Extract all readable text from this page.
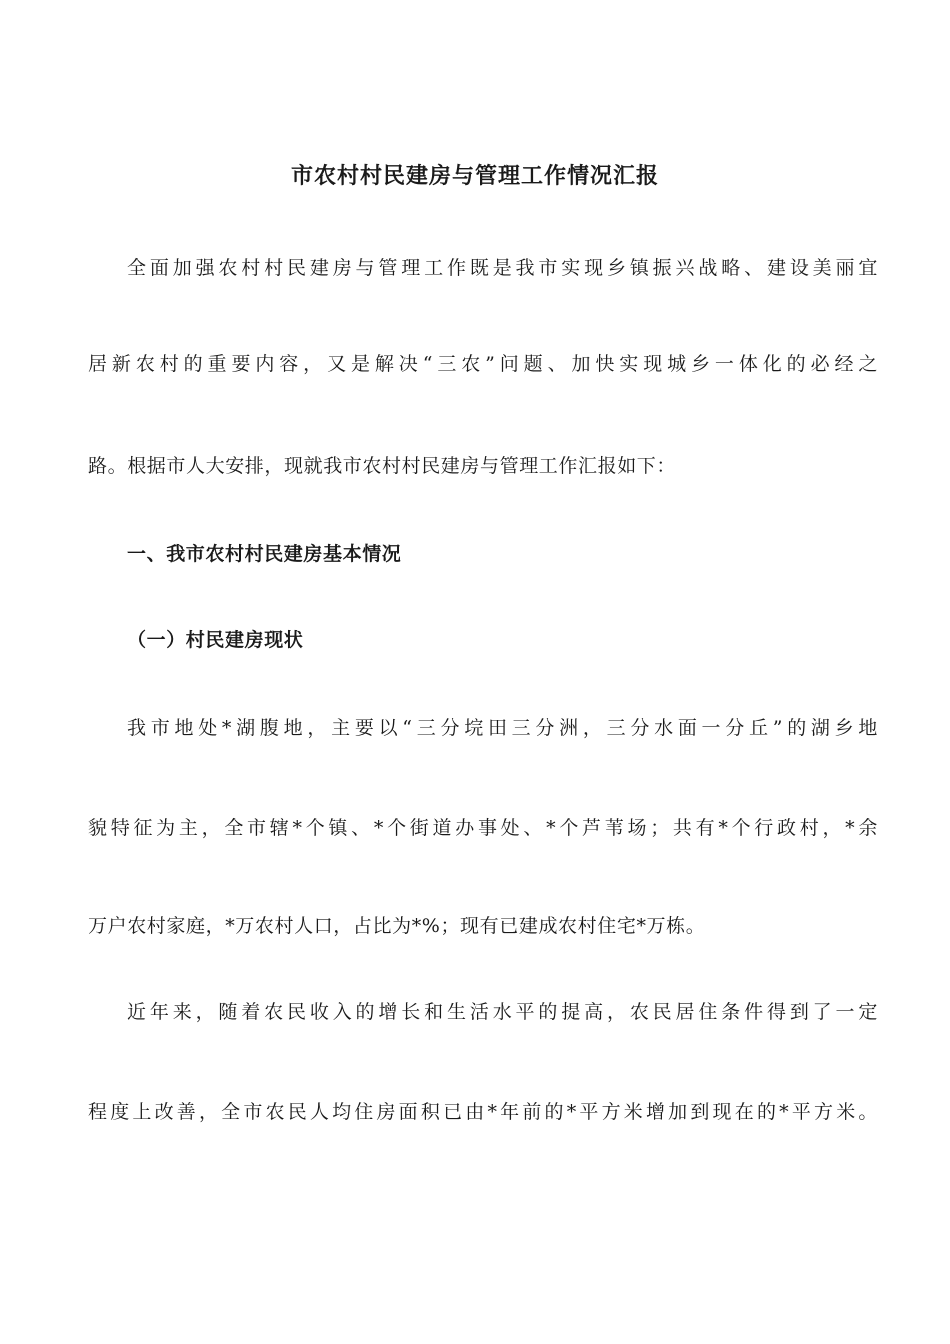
市农村村民建房与管理工作情况汇报
全面加强农村村民建房与管理工作既是我市实现乡镇振兴战略、建设美丽宜
居新农村的重要内容，又是解决“三农”问题、加快实现城乡一体化的必经之
路。根据市人大安排，现就我市农村村民建房与管理工作汇报如下：
一、我市农村村民建房基本情况
（一）村民建房现状
我市地处*湖腹地，主要以“三分垸田三分洲，三分水面一分丘”的湖乡地
貌特征为主，全市辖*个镇、*个街道办事处、*个芦苇场；共有*个行政村，*余
万户农村家庭，*万农村人口，占比为*%；现有已建成农村住宅*万栋。
近年来，随着农民收入的增长和生活水平的提高，农民居住条件得到了一定
程度上改善，全市农民人均住房面积已由*年前的*平方米增加到现在的*平方米。
